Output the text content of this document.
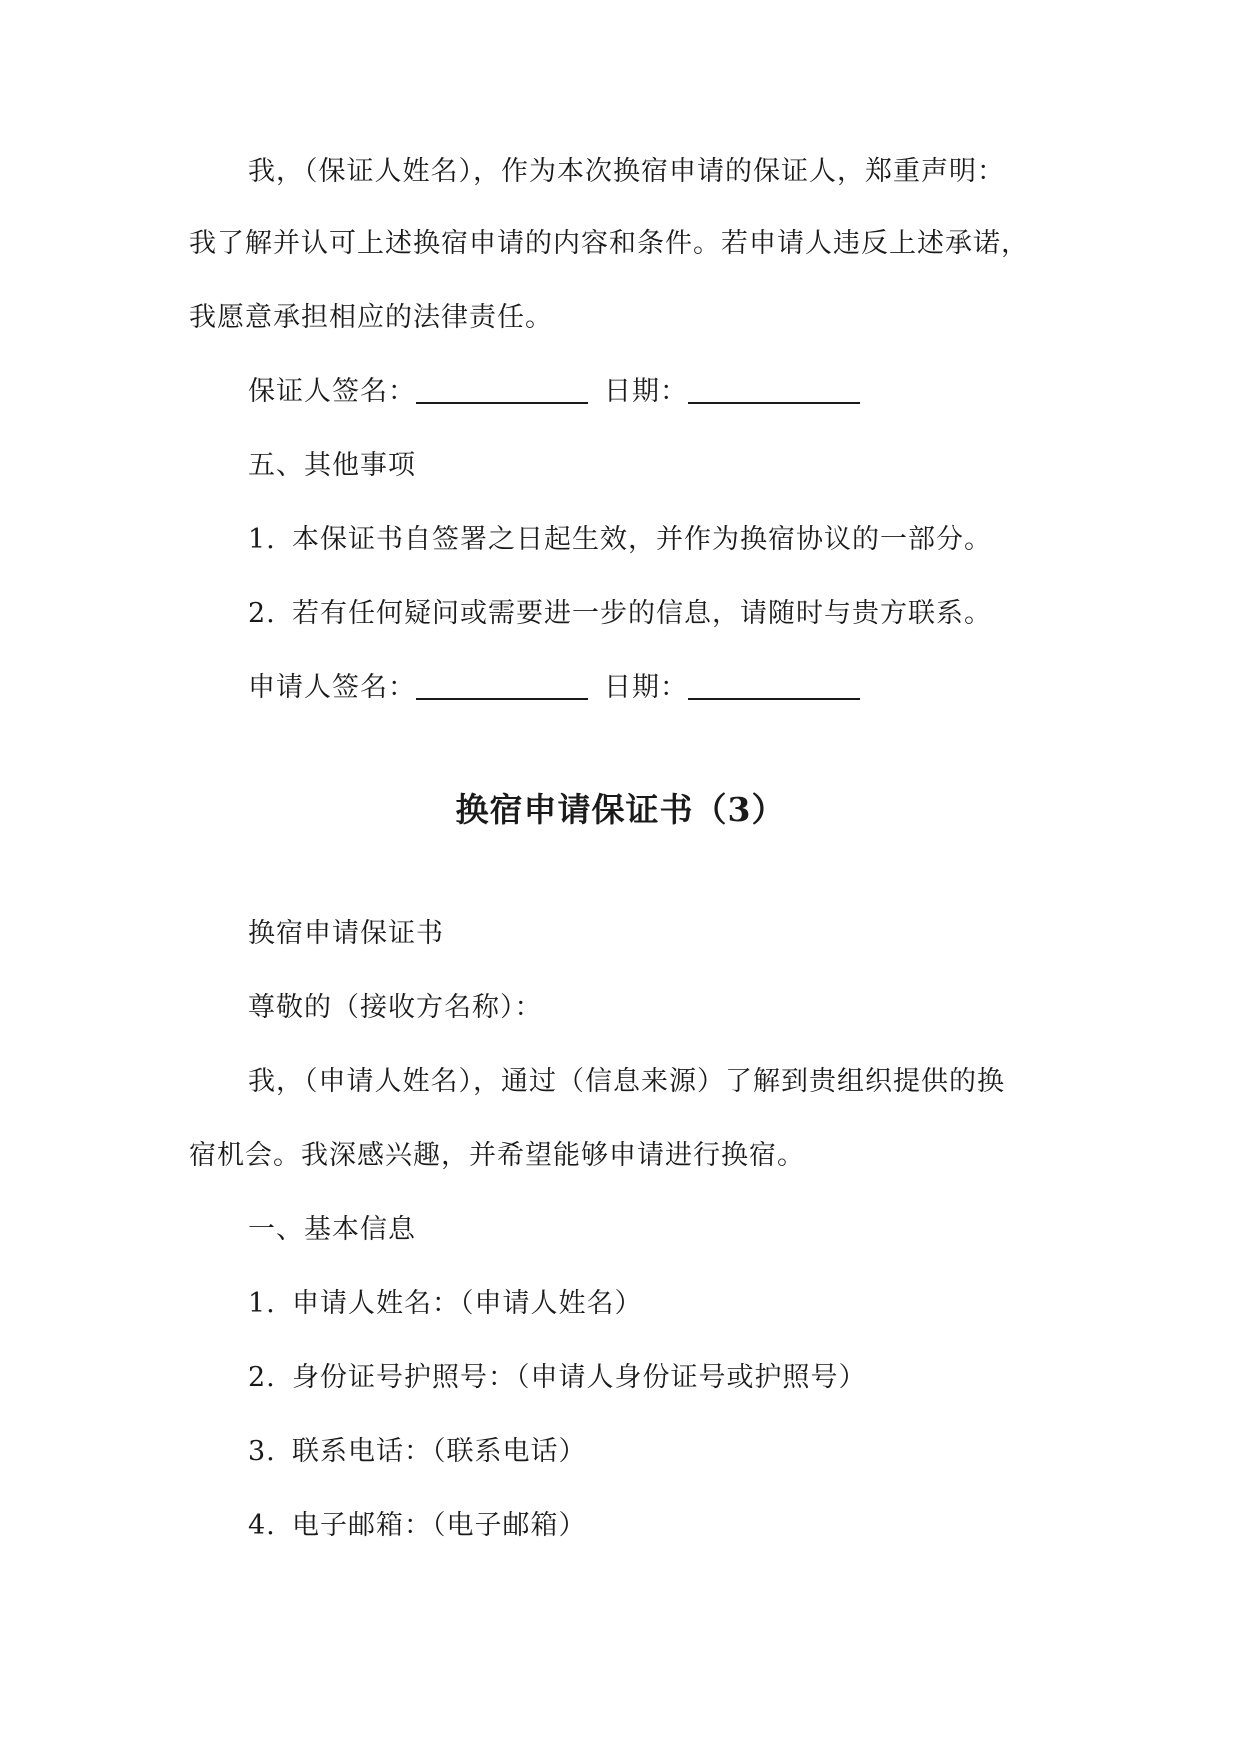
我，（保证人姓名），作为本次换宿申请的保证人，郑重声明：
我了解并认可上述换宿申请的内容和条件。若申请人违反上述承诺，
我愿意承担相应的法律责任。
保证人签名：	日期：
五、其他事项
1. 本保证书自签署之日起生效，并作为换宿协议的一部分。
2. 若有任何疑问或需要进一步的信息，请随时与贵方联系。
申请人签名：	日期：
换宿申请保证书（3）
换宿申请保证书
尊敬的（接收方名称）：
我，（申请人姓名），通过（信息来源）了解到贵组织提供的换
宿机会。我深感兴趣，并希望能够申请进行换宿。
一、基本信息
1. 申请人姓名：（申请人姓名）
2. 身份证号护照号：（申请人身份证号或护照号）
3. 联系电话：（联系电话）
4. 电子邮箱：（电子邮箱）
